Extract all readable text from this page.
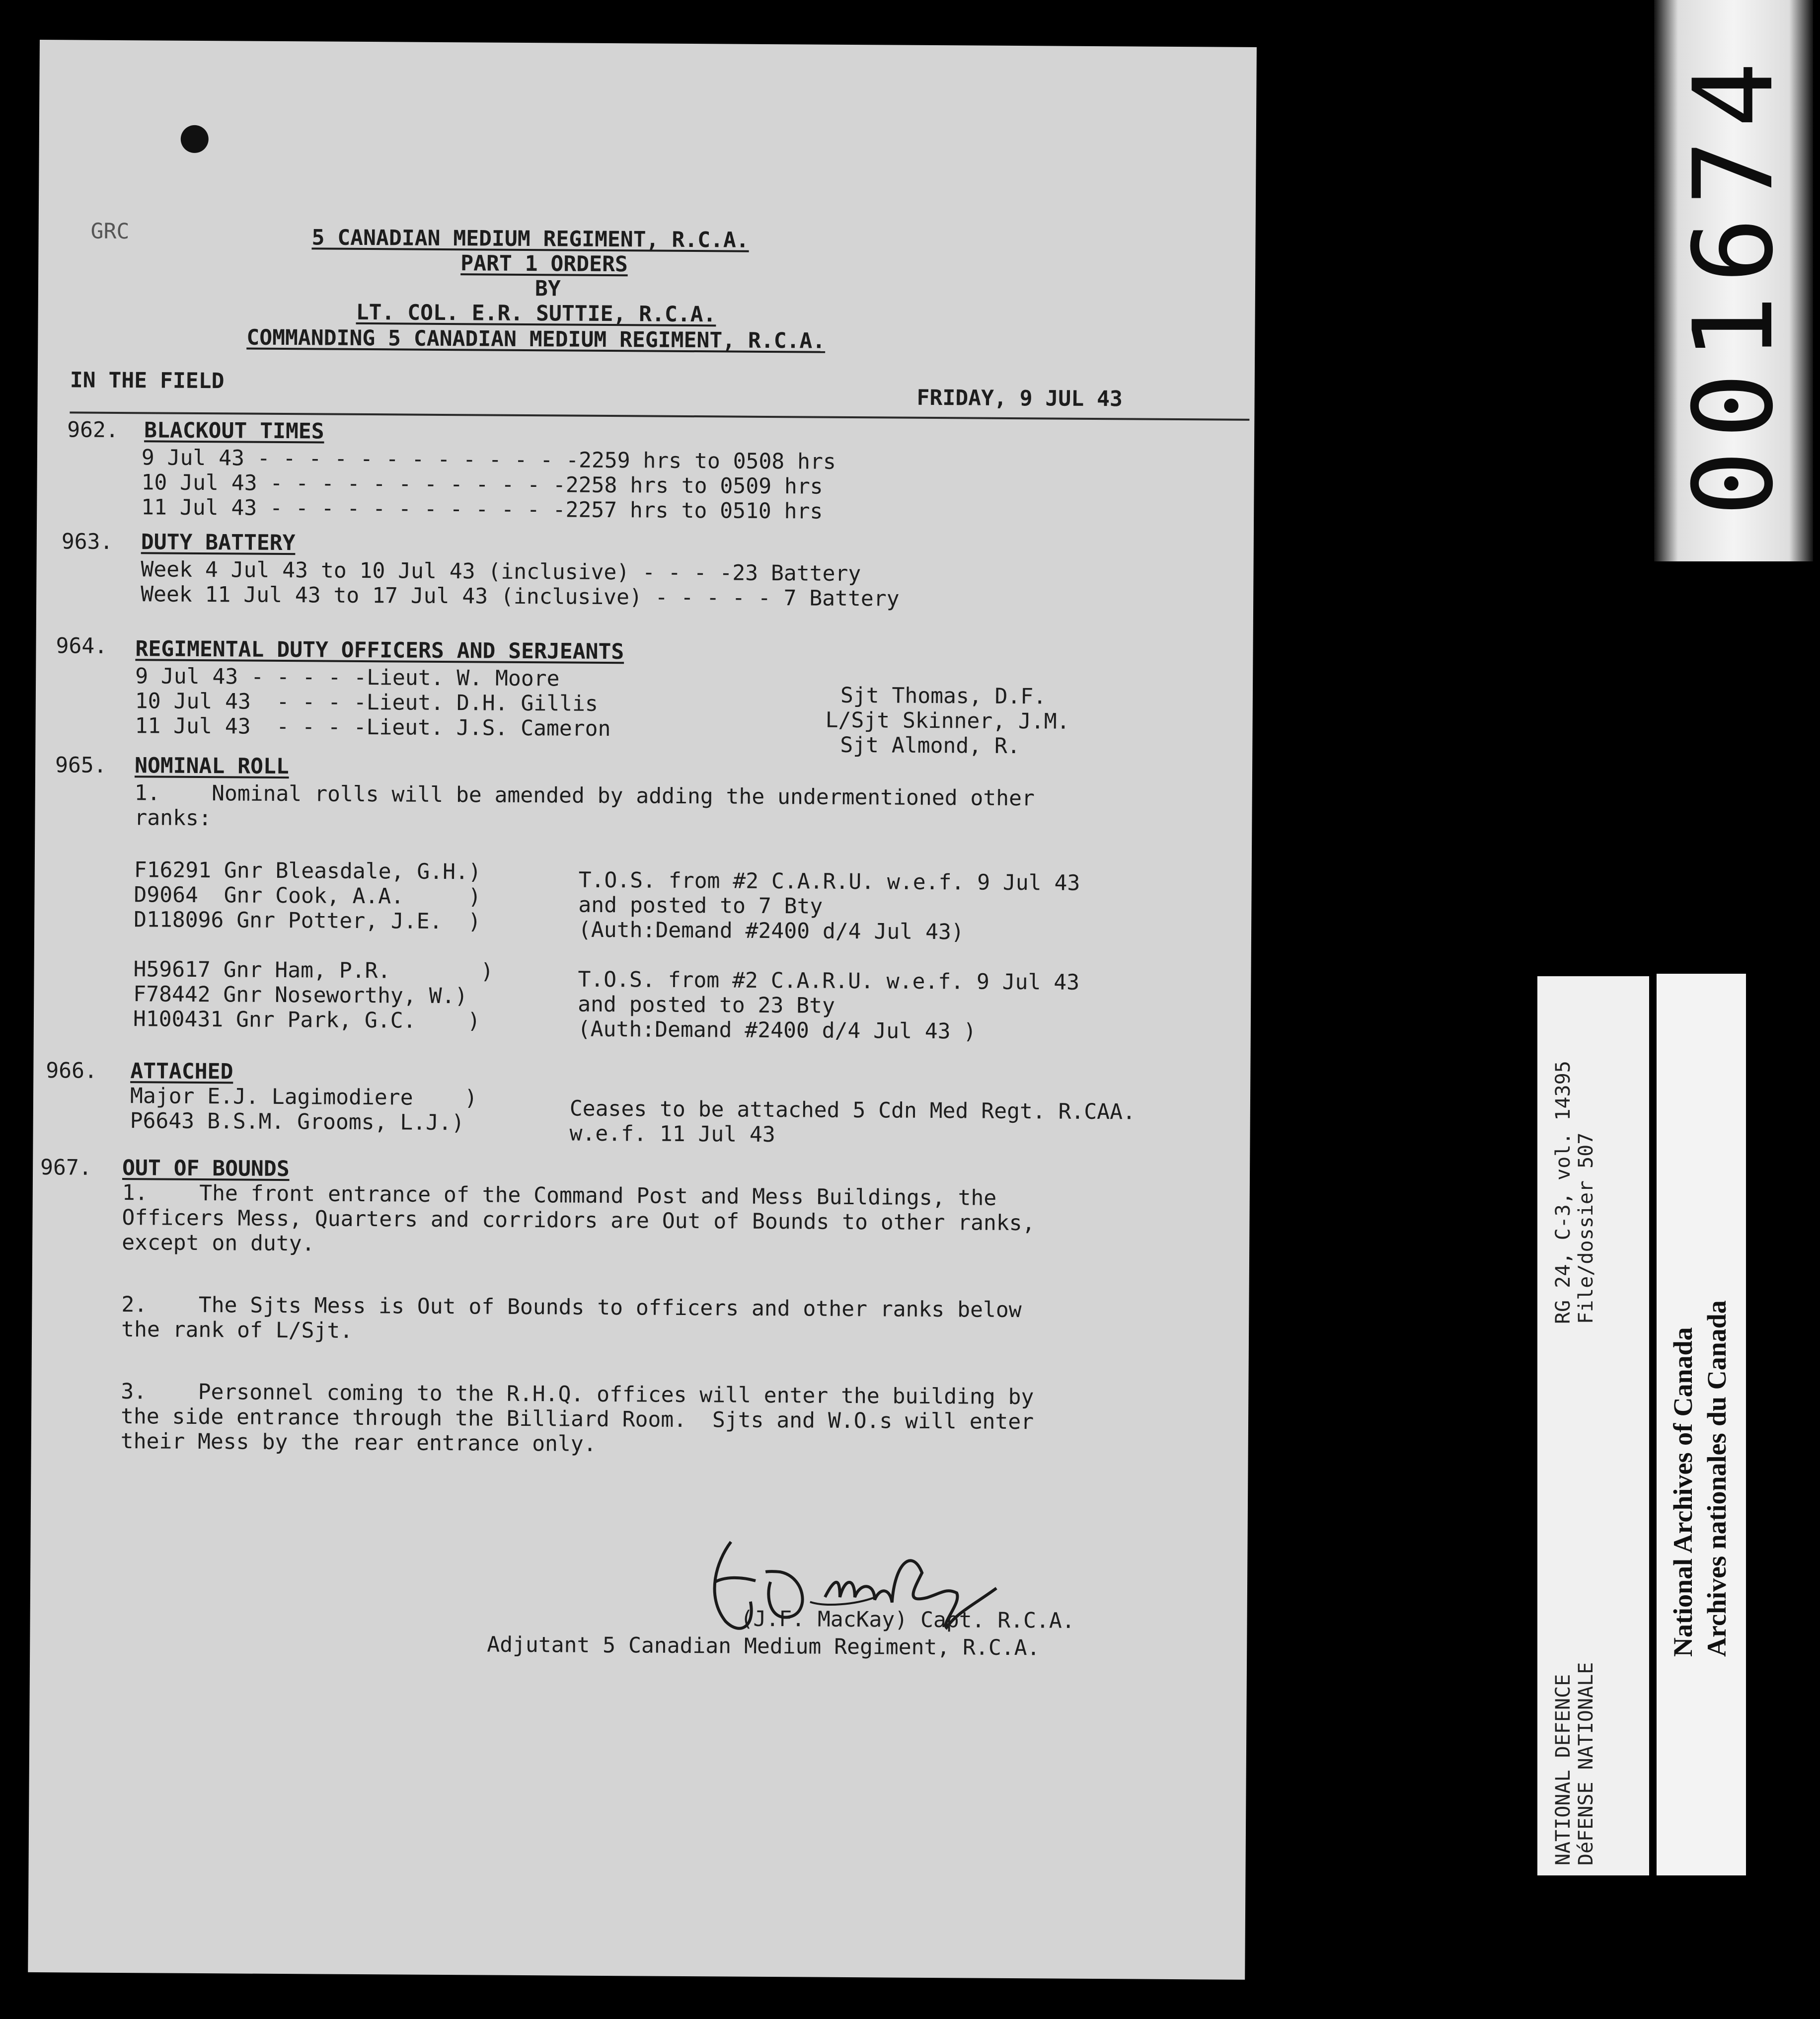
GRC	5 CANADIAN MEDIUM REGIMENT, R.C.A.
PART 1 ORDERS
BY
LT. COL. E.R. SUTTIE, R.C.A.
COMMANDING 5 CANADIAN MEDIUM REGIMENT, R.C.A.
IN THE FIELD
FRIDAY, 9 JUL 43
962. BLACKOUT TIMES
9 Jul 43 - - - - - - - - - - - - -2259 hrs to 0508 hrs
10 Jul 43 - - - - - - - - - - - -2258 hrs to 0509 hrs
11 Jul 43 - - - - - - - - - - - -2257 hrs to 0510 hrs
963. DUTY BATTERY
Week 4 Jul 43 to 10 Jul 43 (inclusive) - - - -23 Battery
Week 11 Jul 43 to 17 Jul 43 (inclusive) - - - - - 7 Battery
964. REGIMENTAL DUTY OFFICERS AND SERJEANTS
9 Jul 43 - - - - -Lieut. W. Moore
10 Jul 43  - - - -Lieut. D.H. Gillis
11 Jul 43  - - - -Lieut. J.S. Cameron
Sjt Thomas, D.F.
L/Sjt Skinner, J.M.
Sjt Almond, R.
965. NOMINAL ROLL
1.    Nominal rolls will be amended by adding the undermentioned other
ranks:
F16291 Gnr Bleasdale, G.H.)
D9064  Gnr Cook, A.A.     )
D118096 Gnr Potter, J.E.  )
T.O.S. from #2 C.A.R.U. w.e.f. 9 Jul 43
and posted to 7 Bty
(Auth:Demand #2400 d/4 Jul 43)
H59617 Gnr Ham, P.R.       )
F78442 Gnr Noseworthy, W.)
H100431 Gnr Park, G.C.    )
T.O.S. from #2 C.A.R.U. w.e.f. 9 Jul 43
and posted to 23 Bty
(Auth:Demand #2400 d/4 Jul 43 )
966. ATTACHED
Major E.J. Lagimodiere    )
P6643 B.S.M. Grooms, L.J.)	Ceases to be attached 5 Cdn Med Regt. R.CAA.
w.e.f. 11 Jul 43
967. OUT OF BOUNDS
1.    The front entrance of the Command Post and Mess Buildings, the
Officers Mess, Quarters and corridors are Out of Bounds to other ranks,
except on duty.
2.    The Sjts Mess is Out of Bounds to officers and other ranks below
the rank of L/Sjt.
3.    Personnel coming to the R.H.Q. offices will enter the building by
the side entrance through the Billiard Room.  Sjts and W.O.s will enter
their Mess by the rear entrance only.
(J.F. MacKay) Capt. R.C.A.
Adjutant 5 Canadian Medium Regiment, R.C.A.
001674
RG 24, C-3, vol. 14395 File/dossier 507
NATIONAL DEFENCE DéFENSE NATIONALE
National Archives of Canada Archives nationales du Canada
